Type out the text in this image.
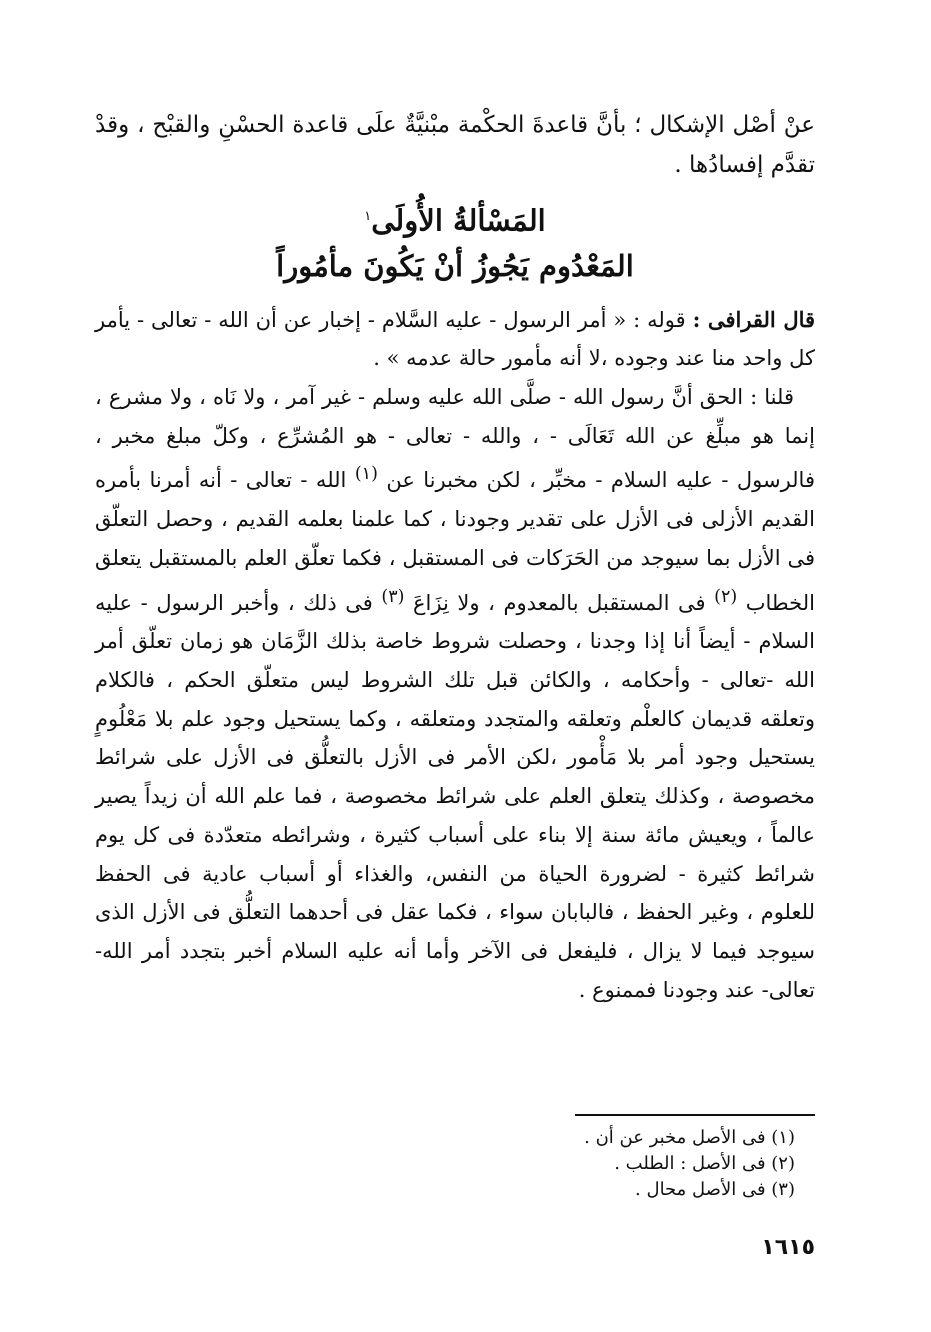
عنْ أصْل الإشكال ؛ بأنَّ قاعدةَ الحكْمة مبْنيَّةٌ علَى قاعدة الحسْنِ والقبْح ، وقدْ تقدَّم إفسادُها .

المَسْألةُ الأُولَى$^١$
المَعْدُوم يَجُوزُ أنْ يَكُونَ مأمُوراً

قال القرافى : قوله : « أمر الرسول - عليه السَّلام - إخبار عن أن الله - تعالى - يأمر كل واحد منا عند وجوده ،لا أنه مأمور حالة عدمه » .

 قلنا : الحق أنَّ رسول الله - صلَّى الله عليه وسلم - غير آمر ، ولا نَاه ، ولا مشرع ، إنما هو مبلِّغ عن الله تَعَالَى - ، والله - تعالى - هو المُشرِّع ، وكلّ مبلغ مخبر ، فالرسول - عليه السلام - مخبِّر ، لكن مخبرنا عن $^{(١)}$ الله - تعالى - أنه أمرنا بأمره القديم الأزلى فى الأزل على تقدير وجودنا ، كما علمنا بعلمه القديم ، وحصل التعلّق فى الأزل بما سيوجد من الحَرَكات فى المستقبل ، فكما تعلّق العلم بالمستقبل يتعلق الخطاب $^{(٢)}$ فى المستقبل بالمعدوم ، ولا نِزَاعَ $^{(٣)}$ فى ذلك ، وأخبر الرسول - عليه السلام - أيضاً أنا إذا وجدنا ، وحصلت شروط خاصة بذلك الزَّمَان هو زمان تعلّق أمر الله -تعالى - وأحكامه ، والكائن قبل تلك الشروط ليس متعلّق الحكم ، فالكلام وتعلقه قديمان كالعلْم وتعلقه والمتجدد ومتعلقه ، وكما يستحيل وجود علم بلا مَعْلُومٍ يستحيل وجود أمر بلا مَأْمور ،لكن الأمر فى الأزل بالتعلُّق فى الأزل على شرائط مخصوصة ، وكذلك يتعلق العلم على شرائط مخصوصة ، فما علم الله أن زيداً يصير عالماً ، ويعيش مائة سنة إلا بناء على أسباب كثيرة ، وشرائطه متعدّدة فى كل يوم شرائط كثيرة - لضرورة الحياة من النفس، والغذاء أو أسباب عادية فى الحفظ للعلوم ، وغير الحفظ ، فالبابان سواء ، فكما عقل فى أحدهما التعلُّق فى الأزل الذى سيوجد فيما لا يزال ، فليفعل فى الآخر وأما أنه عليه السلام أخبر بتجدد أمر الله- تعالى- عند وجودنا فممنوع .

(١) فى الأصل مخبر عن أن .

(٢) فى الأصل : الطلب .

(٣) فى الأصل محال .

١٦١٥
